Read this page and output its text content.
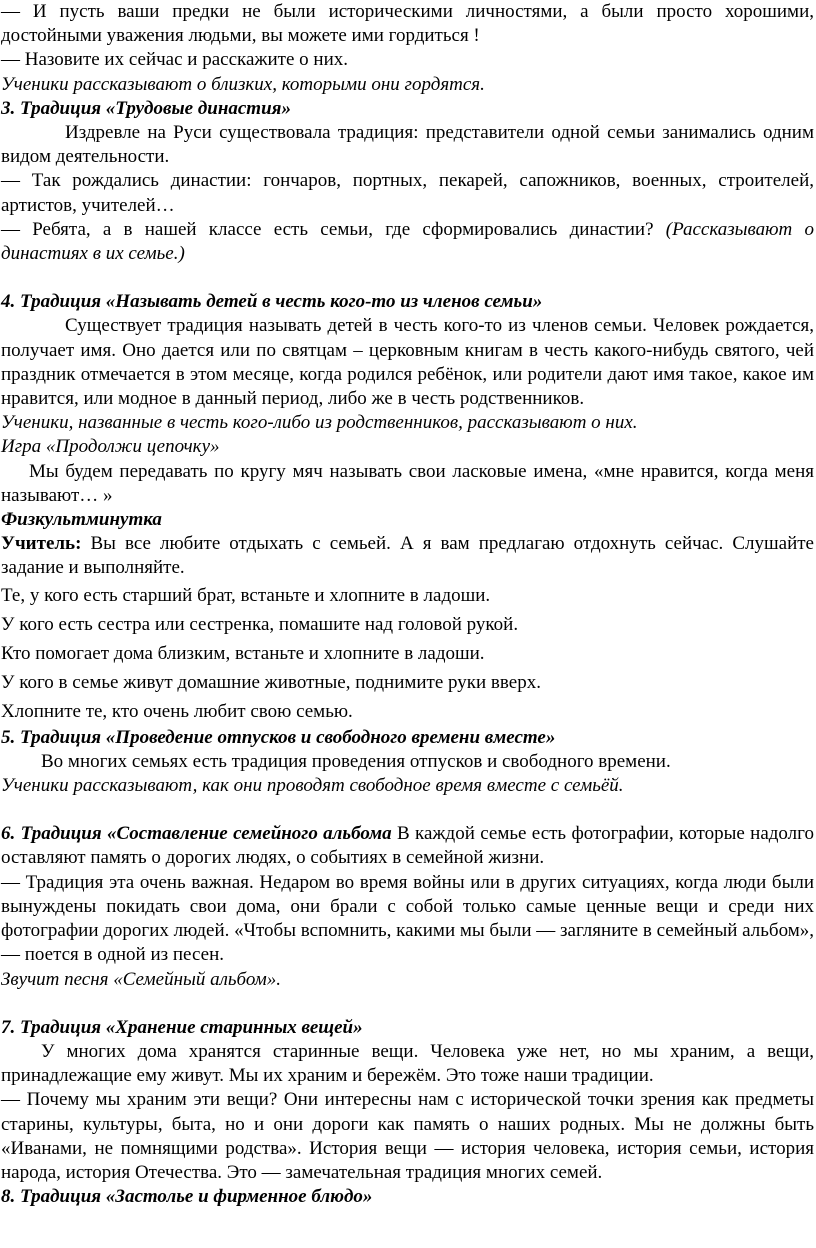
— И пусть ваши предки не были историческими личностями, а были просто хорошими, достойными уважения людьми, вы можете ими гордиться !

— Назовите их сейчас и расскажите о них.

Ученики рассказывают о близких, которыми они гордятся.

3. Традиция «Трудовые династия»

Издревле на Руси существовала традиция: представители одной семьи занимались одним видом деятельности.

— Так рождались династии: гончаров, портных, пекарей, сапожников, военных, строителей, артистов, учителей…

— Ребята, а в нашей классе есть семьи, где сформировались династии? (Рассказывают о династиях в их семье.)

4. Традиция «Называть детей в честь кого-то из членов семьи»

Существует традиция называть детей в честь кого-то из членов семьи. Человек рождается, получает имя. Оно дается или по святцам – церковным книгам в честь какого-нибудь святого, чей праздник отмечается в этом месяце, когда родился ребёнок, или родители дают имя такое, какое им нравится, или модное в данный период, либо же в честь родственников.

Ученики, названные в честь кого-либо из родственников, рассказывают о них.

Игра «Продолжи цепочку»

Мы будем передавать по кругу мяч называть свои ласковые имена, «мне нравится, когда меня называют… »

Физкультминутка

Учитель: Вы все любите отдыхать с семьей. А я вам предлагаю отдохнуть сейчас. Слушайте задание и выполняйте.

Те, у кого есть старший брат, встаньте и хлопните в ладоши.

У кого есть сестра или сестренка, помашите над головой рукой.

Кто помогает дома близким, встаньте и хлопните в ладоши.

У кого в семье живут домашние животные, поднимите руки вверх.

Хлопните те, кто очень любит свою семью.

5. Традиция «Проведение отпусков и свободного времени вместе»

Во многих семьях есть традиция проведения отпусков и свободного времени.

Ученики рассказывают, как они проводят свободное время вместе с семьёй.

6. Традиция «Составление семейного альбома В каждой семье есть фотографии, которые надолго оставляют память о дорогих людях, о событиях в семейной жизни.

— Традиция эта очень важная. Недаром во время войны или в других ситуациях, когда люди были вынуждены покидать свои дома, они брали с собой только самые ценные вещи и среди них фотографии дорогих людей. «Чтобы вспомнить, какими мы были — загляните в семейный альбом», — поется в одной из песен.

Звучит песня «Семейный альбом».

7. Традиция «Хранение старинных вещей»

У многих дома хранятся старинные вещи. Человека уже нет, но мы храним, а вещи, принадлежащие ему живут. Мы их храним и бережём. Это тоже наши традиции.

— Почему мы храним эти вещи? Они интересны нам с исторической точки зрения как предметы старины, культуры, быта, но и они дороги как память о наших родных. Мы не должны быть «Иванами, не помнящими родства». История вещи — история человека, история семьи, история народа, история Отечества. Это — замечательная традиция многих семей.

8. Традиция «Застолье и фирменное блюдо»
